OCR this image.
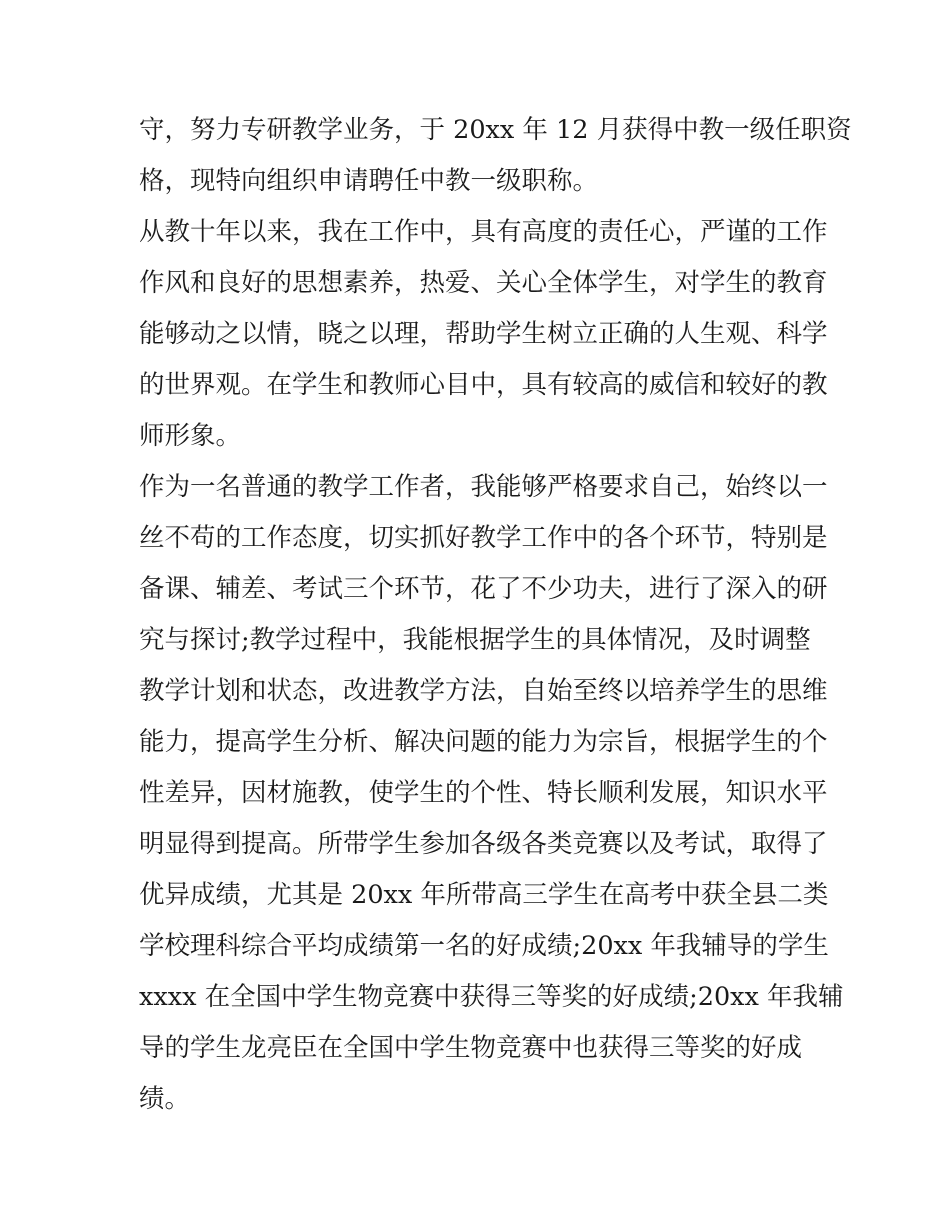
守，努力专研教学业务，于 20xx 年 12 月获得中教一级任职资
格，现特向组织申请聘任中教一级职称。
从教十年以来，我在工作中，具有高度的责任心，严谨的工作
作风和良好的思想素养，热爱、关心全体学生，对学生的教育
能够动之以情，晓之以理，帮助学生树立正确的人生观、科学
的世界观。在学生和教师心目中，具有较高的威信和较好的教
师形象。
作为一名普通的教学工作者，我能够严格要求自己，始终以一
丝不苟的工作态度，切实抓好教学工作中的各个环节，特别是
备课、辅差、考试三个环节，花了不少功夫，进行了深入的研
究与探讨;教学过程中，我能根据学生的具体情况，及时调整
教学计划和状态，改进教学方法，自始至终以培养学生的思维
能力，提高学生分析、解决问题的能力为宗旨，根据学生的个
性差异，因材施教，使学生的个性、特长顺利发展，知识水平
明显得到提高。所带学生参加各级各类竞赛以及考试，取得了
优异成绩，尤其是 20xx 年所带高三学生在高考中获全县二类
学校理科综合平均成绩第一名的好成绩;20xx 年我辅导的学生
xxxx 在全国中学生物竞赛中获得三等奖的好成绩;20xx 年我辅
导的学生龙亮臣在全国中学生物竞赛中也获得三等奖的好成
绩。
